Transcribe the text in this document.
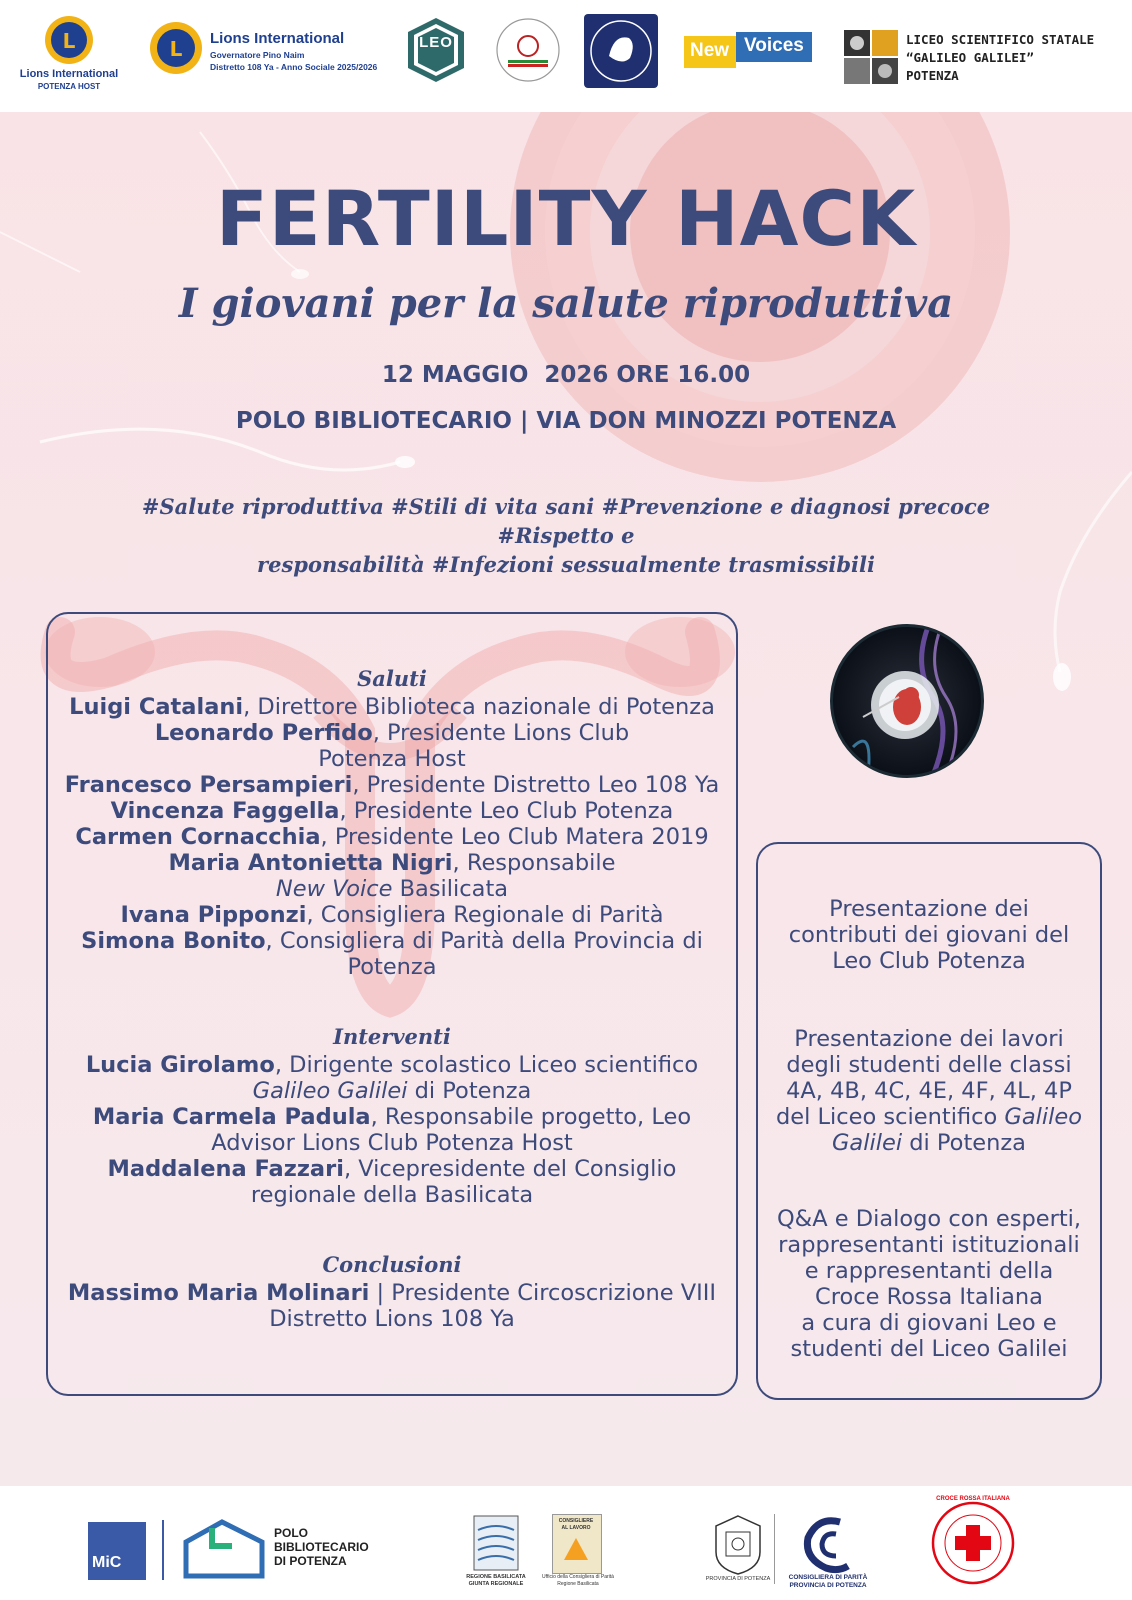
L
Lions International
POTENZA HOST
L Lions International
Governatore Pino Naim
Distretto 108 Ya - Anno Sociale 2025/2026
LEO	New Voices	LICEO SCIENTIFICO STATALE
“GALILEO GALILEI”
POTENZA
FERTILITY HACK
I giovani per la salute riproduttiva
12 MAGGIO  2026 ORE 16.00
POLO BIBLIOTECARIO | VIA DON MINOZZI POTENZA
#Salute riproduttiva #Stili di vita sani #Prevenzione e diagnosi precoce #Rispetto e
responsabilità #Infezioni sessualmente trasmissibili
Saluti
Luigi Catalani, Direttore Biblioteca nazionale di Potenza
Leonardo Perfido, Presidente Lions Club
Potenza Host
Francesco Persampieri, Presidente Distretto Leo 108 Ya
Vincenza Faggella, Presidente Leo Club Potenza
Carmen Cornacchia, Presidente Leo Club Matera 2019
Maria Antonietta Nigri, Responsabile
New Voice Basilicata
Ivana Pipponzi, Consigliera Regionale di Parità
Simona Bonito, Consigliera di Parità della Provincia di
Potenza
Interventi
Lucia Girolamo, Dirigente scolastico Liceo scientifico
Galileo Galilei di Potenza
Maria Carmela Padula, Responsabile progetto, Leo
Advisor Lions Club Potenza Host
Maddalena Fazzari, Vicepresidente del Consiglio
regionale della Basilicata
Conclusioni
Massimo Maria Molinari | Presidente Circoscrizione VIII
Distretto Lions 108 Ya
Presentazione dei
contributi dei giovani del
Leo Club Potenza
Presentazione dei lavori
degli studenti delle classi
4A, 4B, 4C, 4E, 4F, 4L, 4P
del Liceo scientifico Galileo
Galilei di Potenza
Q&A e Dialogo con esperti,
rappresentanti istituzionali
e rappresentanti della
Croce Rossa Italiana
a cura di giovani Leo e
studenti del Liceo Galilei
MiC
POLO
BIBLIOTECARIO
DI POTENZA
REGIONE BASILICATA
GIUNTA REGIONALE
CONSIGLIERE
AL LAVORO
Ufficio della Consigliera di Parità
Regione Basilicata
PROVINCIA DI POTENZA	CONSIGLIERA DI PARITÀ
PROVINCIA DI POTENZA
CROCE ROSSA ITALIANA
